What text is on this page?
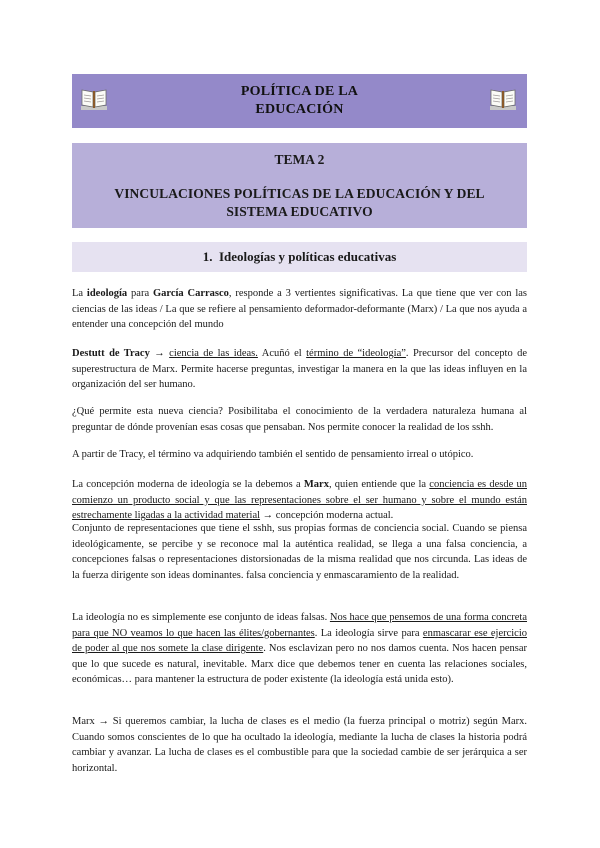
POLÍTICA DE LA
EDUCACIÓN
TEMA 2
VINCULACIONES POLÍTICAS DE LA EDUCACIÓN Y DEL
SISTEMA EDUCATIVO
1.  Ideologías y políticas educativas
La ideología para García Carrasco, responde a 3 vertientes significativas. La que tiene que ver con las ciencias de las ideas / La que se refiere al pensamiento deformador-deformante (Marx) / La que nos ayuda a entender una concepción del mundo
Destutt de Tracy → ciencia de las ideas. Acuñó el término de “ideología”. Precursor del concepto de superestructura de Marx. Permite hacerse preguntas, investigar la manera en la que las ideas influyen en la organización del ser humano.
¿Qué permite esta nueva ciencia? Posibilitaba el conocimiento de la verdadera naturaleza humana al preguntar de dónde provenían esas cosas que pensaban. Nos permite conocer la realidad de los sshh.
A partir de Tracy, el término va adquiriendo también el sentido de pensamiento irreal o utópico.
La concepción moderna de ideología se la debemos a Marx, quien entiende que la conciencia es desde un comienzo un producto social y que las representaciones sobre el ser humano y sobre el mundo están estrechamente ligadas a la actividad material → concepción moderna actual.
Conjunto de representaciones que tiene el sshh, sus propias formas de conciencia social. Cuando se piensa ideológicamente, se percibe y se reconoce mal la auténtica realidad, se llega a una falsa conciencia, a concepciones falsas o representaciones distorsionadas de la misma realidad que nos circunda. Las ideas de la fuerza dirigente son ideas dominantes. falsa conciencia y enmascaramiento de la realidad.
La ideología no es simplemente ese conjunto de ideas falsas. Nos hace que pensemos de una forma concreta para que NO veamos lo que hacen las élites/gobernantes. La ideología sirve para enmascarar ese ejercicio de poder al que nos somete la clase dirigente. Nos esclavizan pero no nos damos cuenta. Nos hacen pensar que lo que sucede es natural, inevitable. Marx dice que debemos tener en cuenta las relaciones sociales, económicas… para mantener la estructura de poder existente (la ideología está unida esto).
Marx → Si queremos cambiar, la lucha de clases es el medio (la fuerza principal o motriz) según Marx. Cuando somos conscientes de lo que ha ocultado la ideología, mediante la lucha de clases la historia podrá cambiar y avanzar. La lucha de clases es el combustible para que la sociedad cambie de ser jerárquica a ser horizontal.
